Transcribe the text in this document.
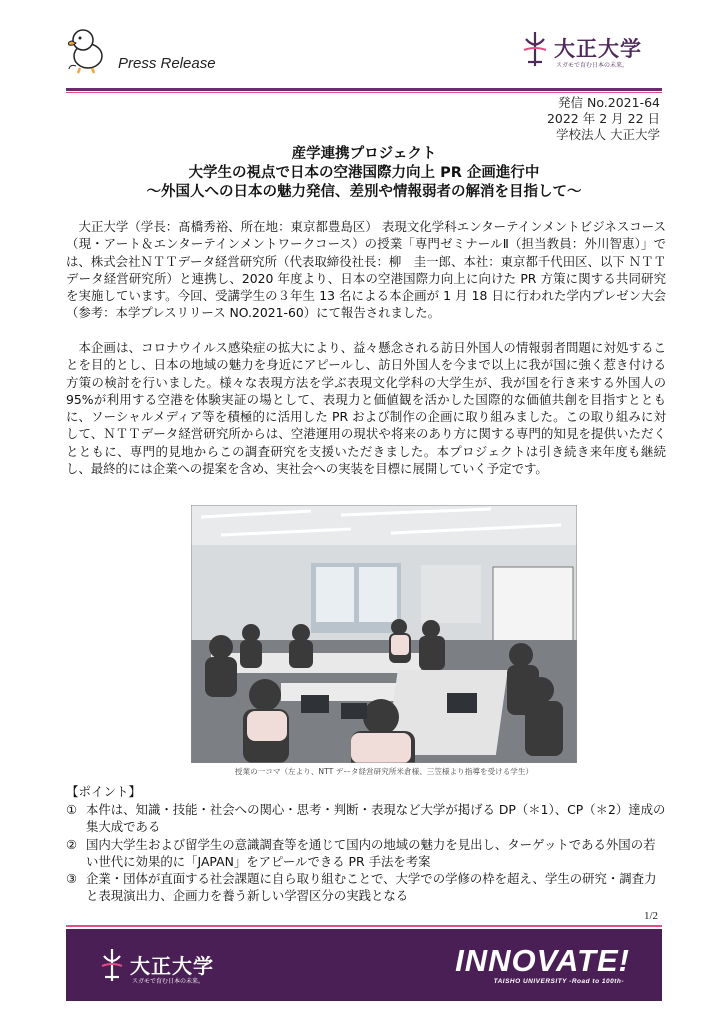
Press Release
大正大学
スガモで育む日本の未来。
発信 No.2021-64
2022 年 2 月 22 日
学校法人 大正大学
産学連携プロジェクト
大学生の視点で日本の空港国際力向上 PR 企画進行中
～外国人への日本の魅力発信、差別や情報弱者の解消を目指して～
　大正大学（学長：髙橋秀裕、所在地：東京都豊島区） 表現文化学科エンターテインメントビジネスコース（現・アート＆エンターテインメントワークコース）の授業「専門ゼミナールⅡ（担当教員：外川智恵）」では、株式会社ＮＴＴデータ経営研究所（代表取締役社長：柳　圭一郎、本社：東京都千代田区、以下 ＮＴＴデータ経営研究所）と連携し、2020 年度より、日本の空港国際力向上に向けた PR 方策に関する共同研究を実施しています。今回、受講学生の３年生 13 名による本企画が 1 月 18 日に行われた学内プレゼン大会（参考：本学プレスリリース NO.2021-60）にて報告されました。
　本企画は、コロナウイルス感染症の拡大により、益々懸念される訪日外国人の情報弱者問題に対処することを目的とし、日本の地域の魅力を身近にアピールし、訪日外国人を今まで以上に我が国に強く惹き付ける方策の検討を行いました。様々な表現方法を学ぶ表現文化学科の大学生が、我が国を行き来する外国人の 95%が利用する空港を体験実証の場として、表現力と価値観を活かした国際的な価値共創を目指すとともに、ソーシャルメディア等を積極的に活用した PR および制作の企画に取り組みました。この取り組みに対して、ＮＴＴデータ経営研究所からは、空港運用の現状や将来のあり方に関する専門的知見を提供いただくとともに、専門的見地からこの調査研究を支援いただきました。本プロジェクトは引き続き来年度も継続し、最終的には企業への提案を含め、実社会への実装を目標に展開していく予定です。
授業の一コマ（左より、NTT データ経営研究所米倉様、三笠様より指導を受ける学生）
【ポイント】
① 本件は、知識・技能・社会への関心・思考・判断・表現など大学が掲げる DP（＊1）、CP（＊2）達成の集大成である
② 国内大学生および留学生の意識調査等を通じて国内の地域の魅力を見出し、ターゲットである外国の若い世代に効果的に「JAPAN」をアピールできる PR 手法を考案
③ 企業・団体が直面する社会課題に自ら取り組むことで、大学での学修の枠を超え、学生の研究・調査力と表現演出力、企画力を養う新しい学習区分の実践となる
1/2
大正大学
スガモで育む日本の未来。
INNOVATE!
TAISHO UNIVERSITY -Road to 100th-
